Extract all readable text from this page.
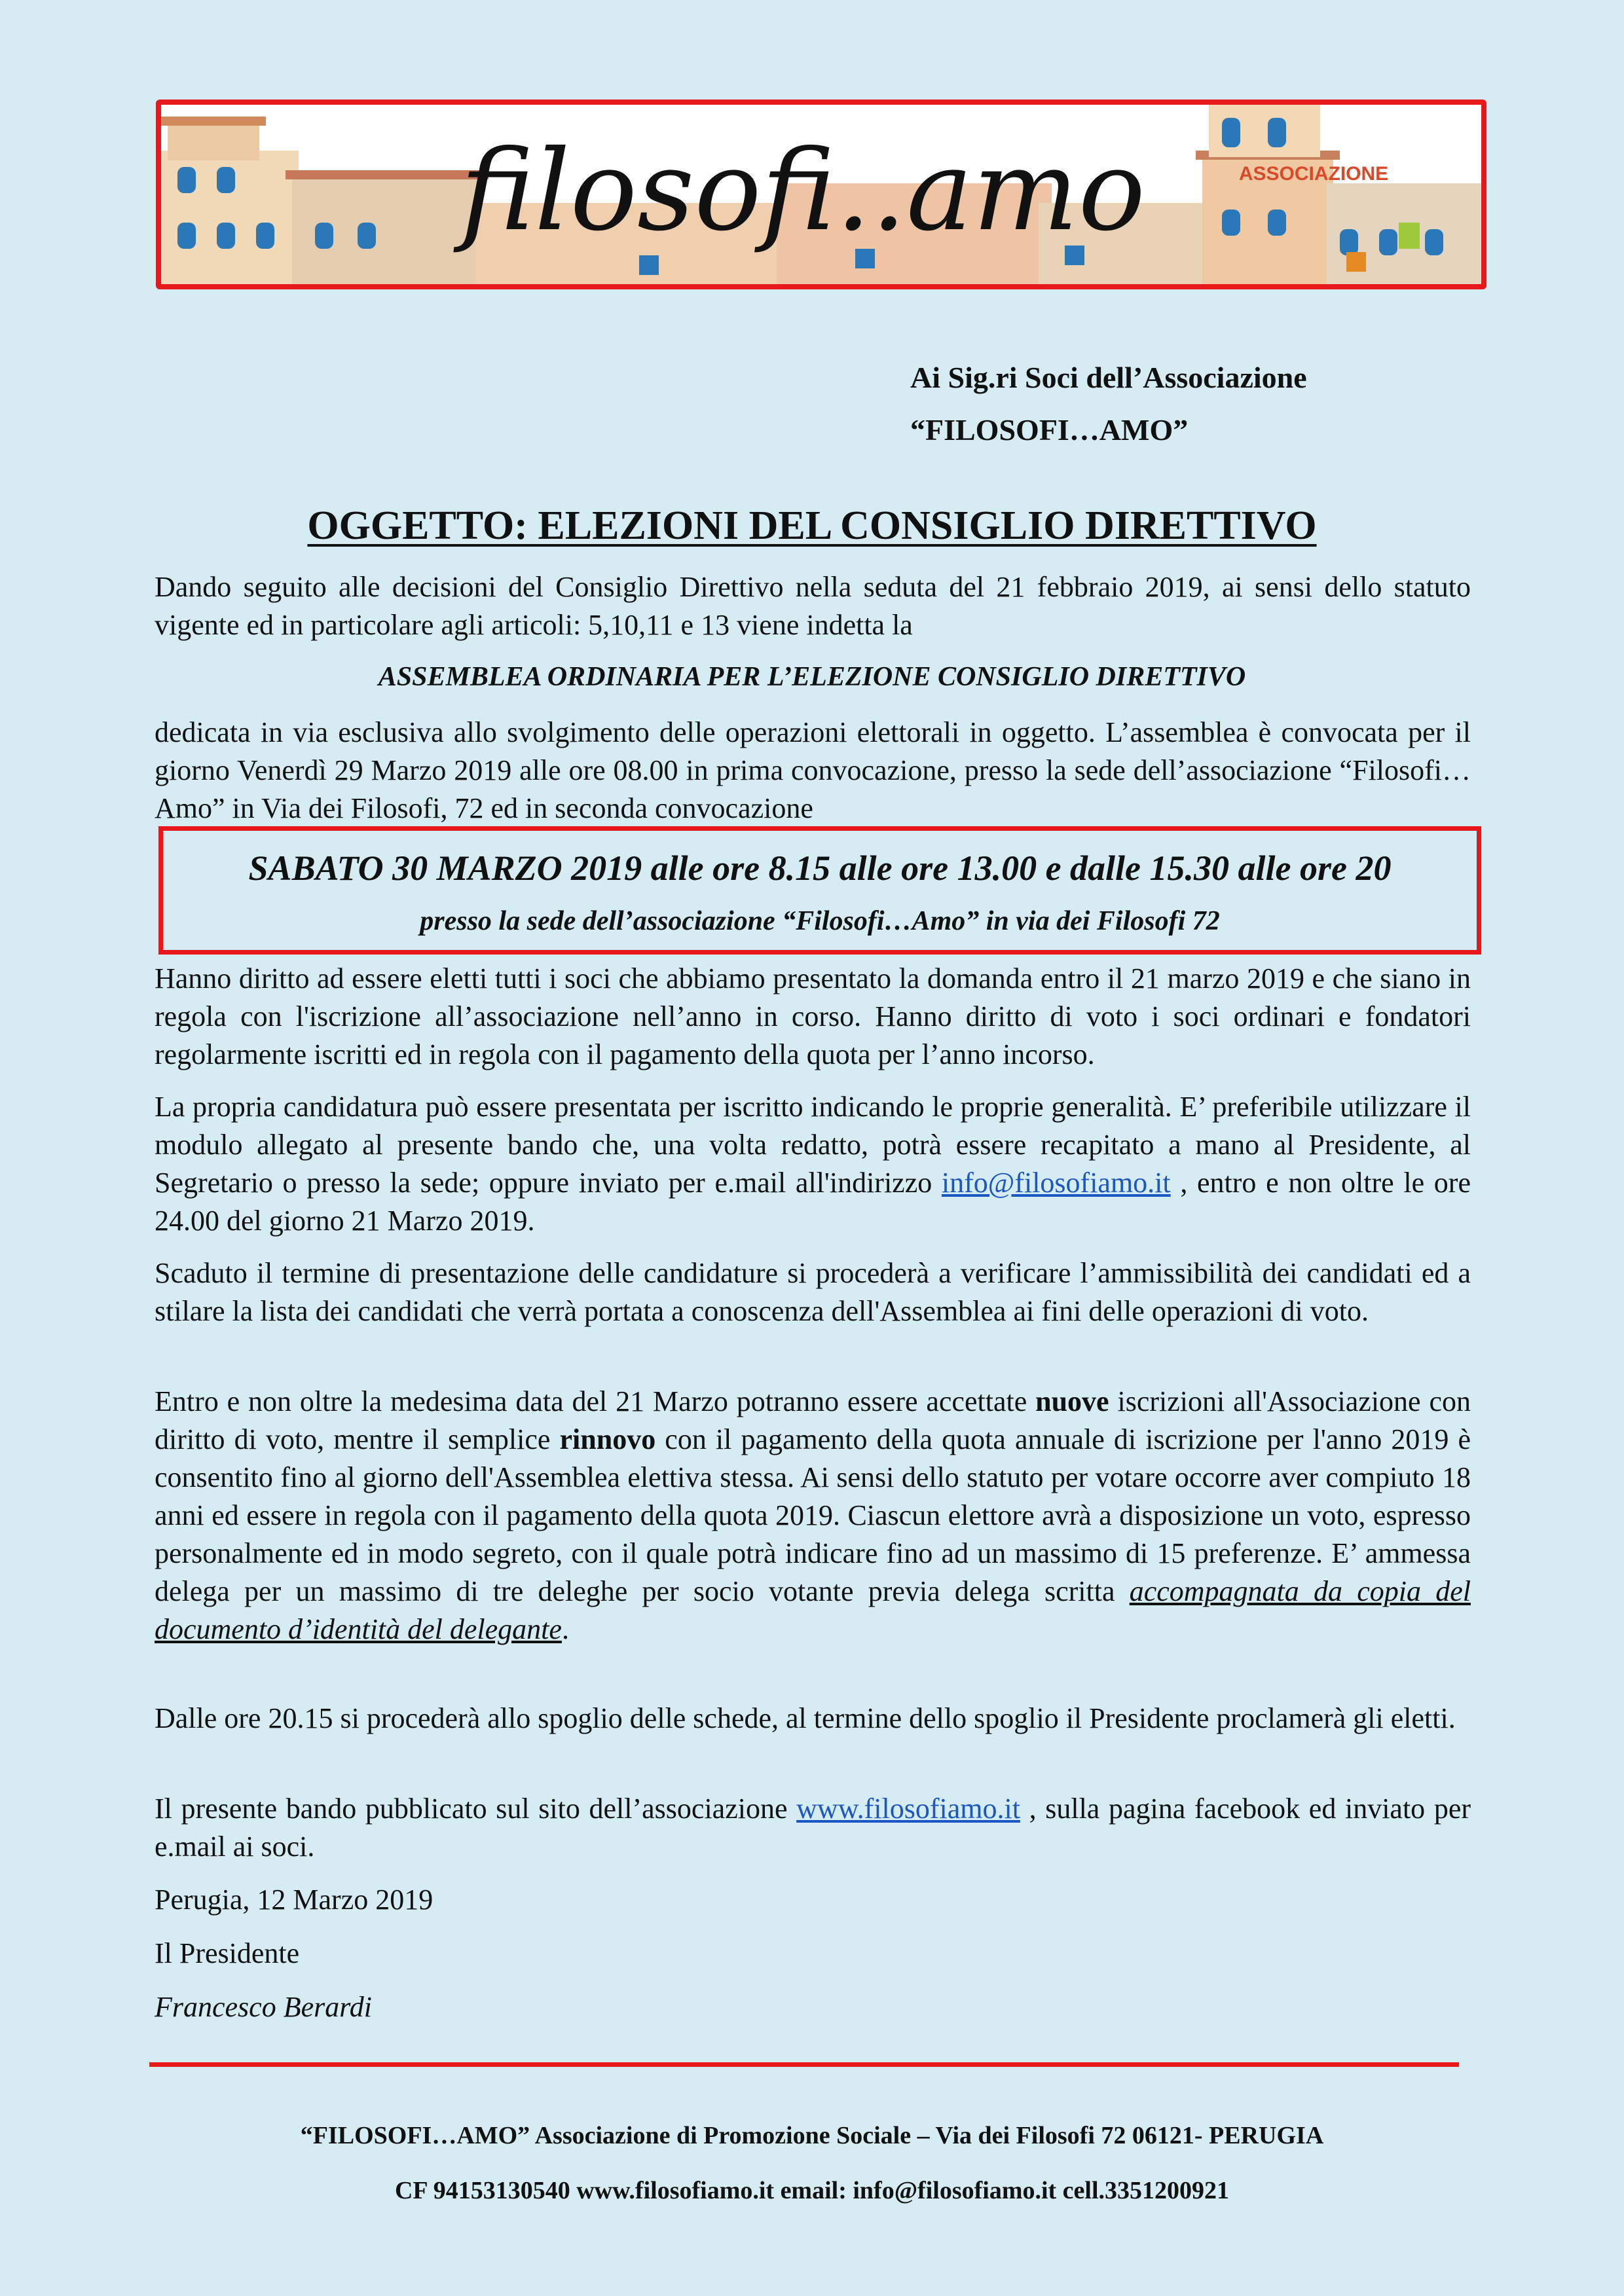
filosofi..amo	ASSOCIAZIONE
Ai Sig.ri Soci dell’Associazione
“FILOSOFI…AMO”
OGGETTO: ELEZIONI DEL CONSIGLIO DIRETTIVO
Dando seguito alle decisioni del Consiglio Direttivo nella seduta del 21 febbraio 2019, ai sensi dello statuto vigente ed in particolare agli articoli: 5,10,11 e 13 viene indetta la
ASSEMBLEA ORDINARIA PER L’ELEZIONE CONSIGLIO DIRETTIVO
dedicata in via esclusiva allo svolgimento delle operazioni elettorali in oggetto. L’assemblea è convocata per il giorno Venerdì 29 Marzo 2019 alle ore 08.00 in prima convocazione, presso la sede dell’associazione “Filosofi…Amo” in Via dei Filosofi, 72 ed in seconda convocazione
SABATO 30 MARZO 2019 alle ore 8.15 alle ore 13.00 e dalle 15.30 alle ore 20
presso la sede dell’associazione “Filosofi…Amo” in via dei Filosofi 72
Hanno diritto ad essere eletti tutti i soci che abbiamo presentato la domanda entro il 21 marzo 2019 e che siano in regola con l'iscrizione all’associazione nell’anno in corso. Hanno diritto di voto i soci ordinari e fondatori regolarmente iscritti ed in regola con il pagamento della quota per l’anno incorso.
La propria candidatura può essere presentata per iscritto indicando le proprie generalità. E’ preferibile utilizzare il modulo allegato al presente bando che, una volta redatto, potrà essere recapitato a mano al Presidente, al Segretario o presso la sede; oppure inviato per e.mail all'indirizzo info@filosofiamo.it , entro e non oltre le ore 24.00 del giorno 21 Marzo 2019.
Scaduto il termine di presentazione delle candidature si procederà a verificare l’ammissibilità dei candidati ed a stilare la lista dei candidati che verrà portata a conoscenza dell'Assemblea ai fini delle operazioni di voto.
Entro e non oltre la medesima data del 21 Marzo potranno essere accettate nuove iscrizioni all'Associazione con diritto di voto, mentre il semplice rinnovo con il pagamento della quota annuale di iscrizione per l'anno 2019 è consentito fino al giorno dell'Assemblea elettiva stessa. Ai sensi dello statuto per votare occorre aver compiuto 18 anni ed essere in regola con il pagamento della quota 2019. Ciascun elettore avrà a disposizione un voto, espresso personalmente ed in modo segreto, con il quale potrà indicare fino ad un massimo di 15 preferenze. E’ ammessa delega per un massimo di tre deleghe per socio votante previa delega scritta accompagnata da copia del documento d’identità del delegante.
Dalle ore 20.15 si procederà allo spoglio delle schede, al termine dello spoglio il Presidente proclamerà gli eletti.
Il presente bando pubblicato sul sito dell’associazione www.filosofiamo.it , sulla pagina facebook ed inviato per e.mail ai soci.
Perugia, 12 Marzo 2019
Il Presidente
Francesco Berardi
“FILOSOFI…AMO” Associazione di Promozione Sociale – Via dei Filosofi 72 06121- PERUGIA
CF 94153130540 www.filosofiamo.it email: info@filosofiamo.it cell.3351200921
